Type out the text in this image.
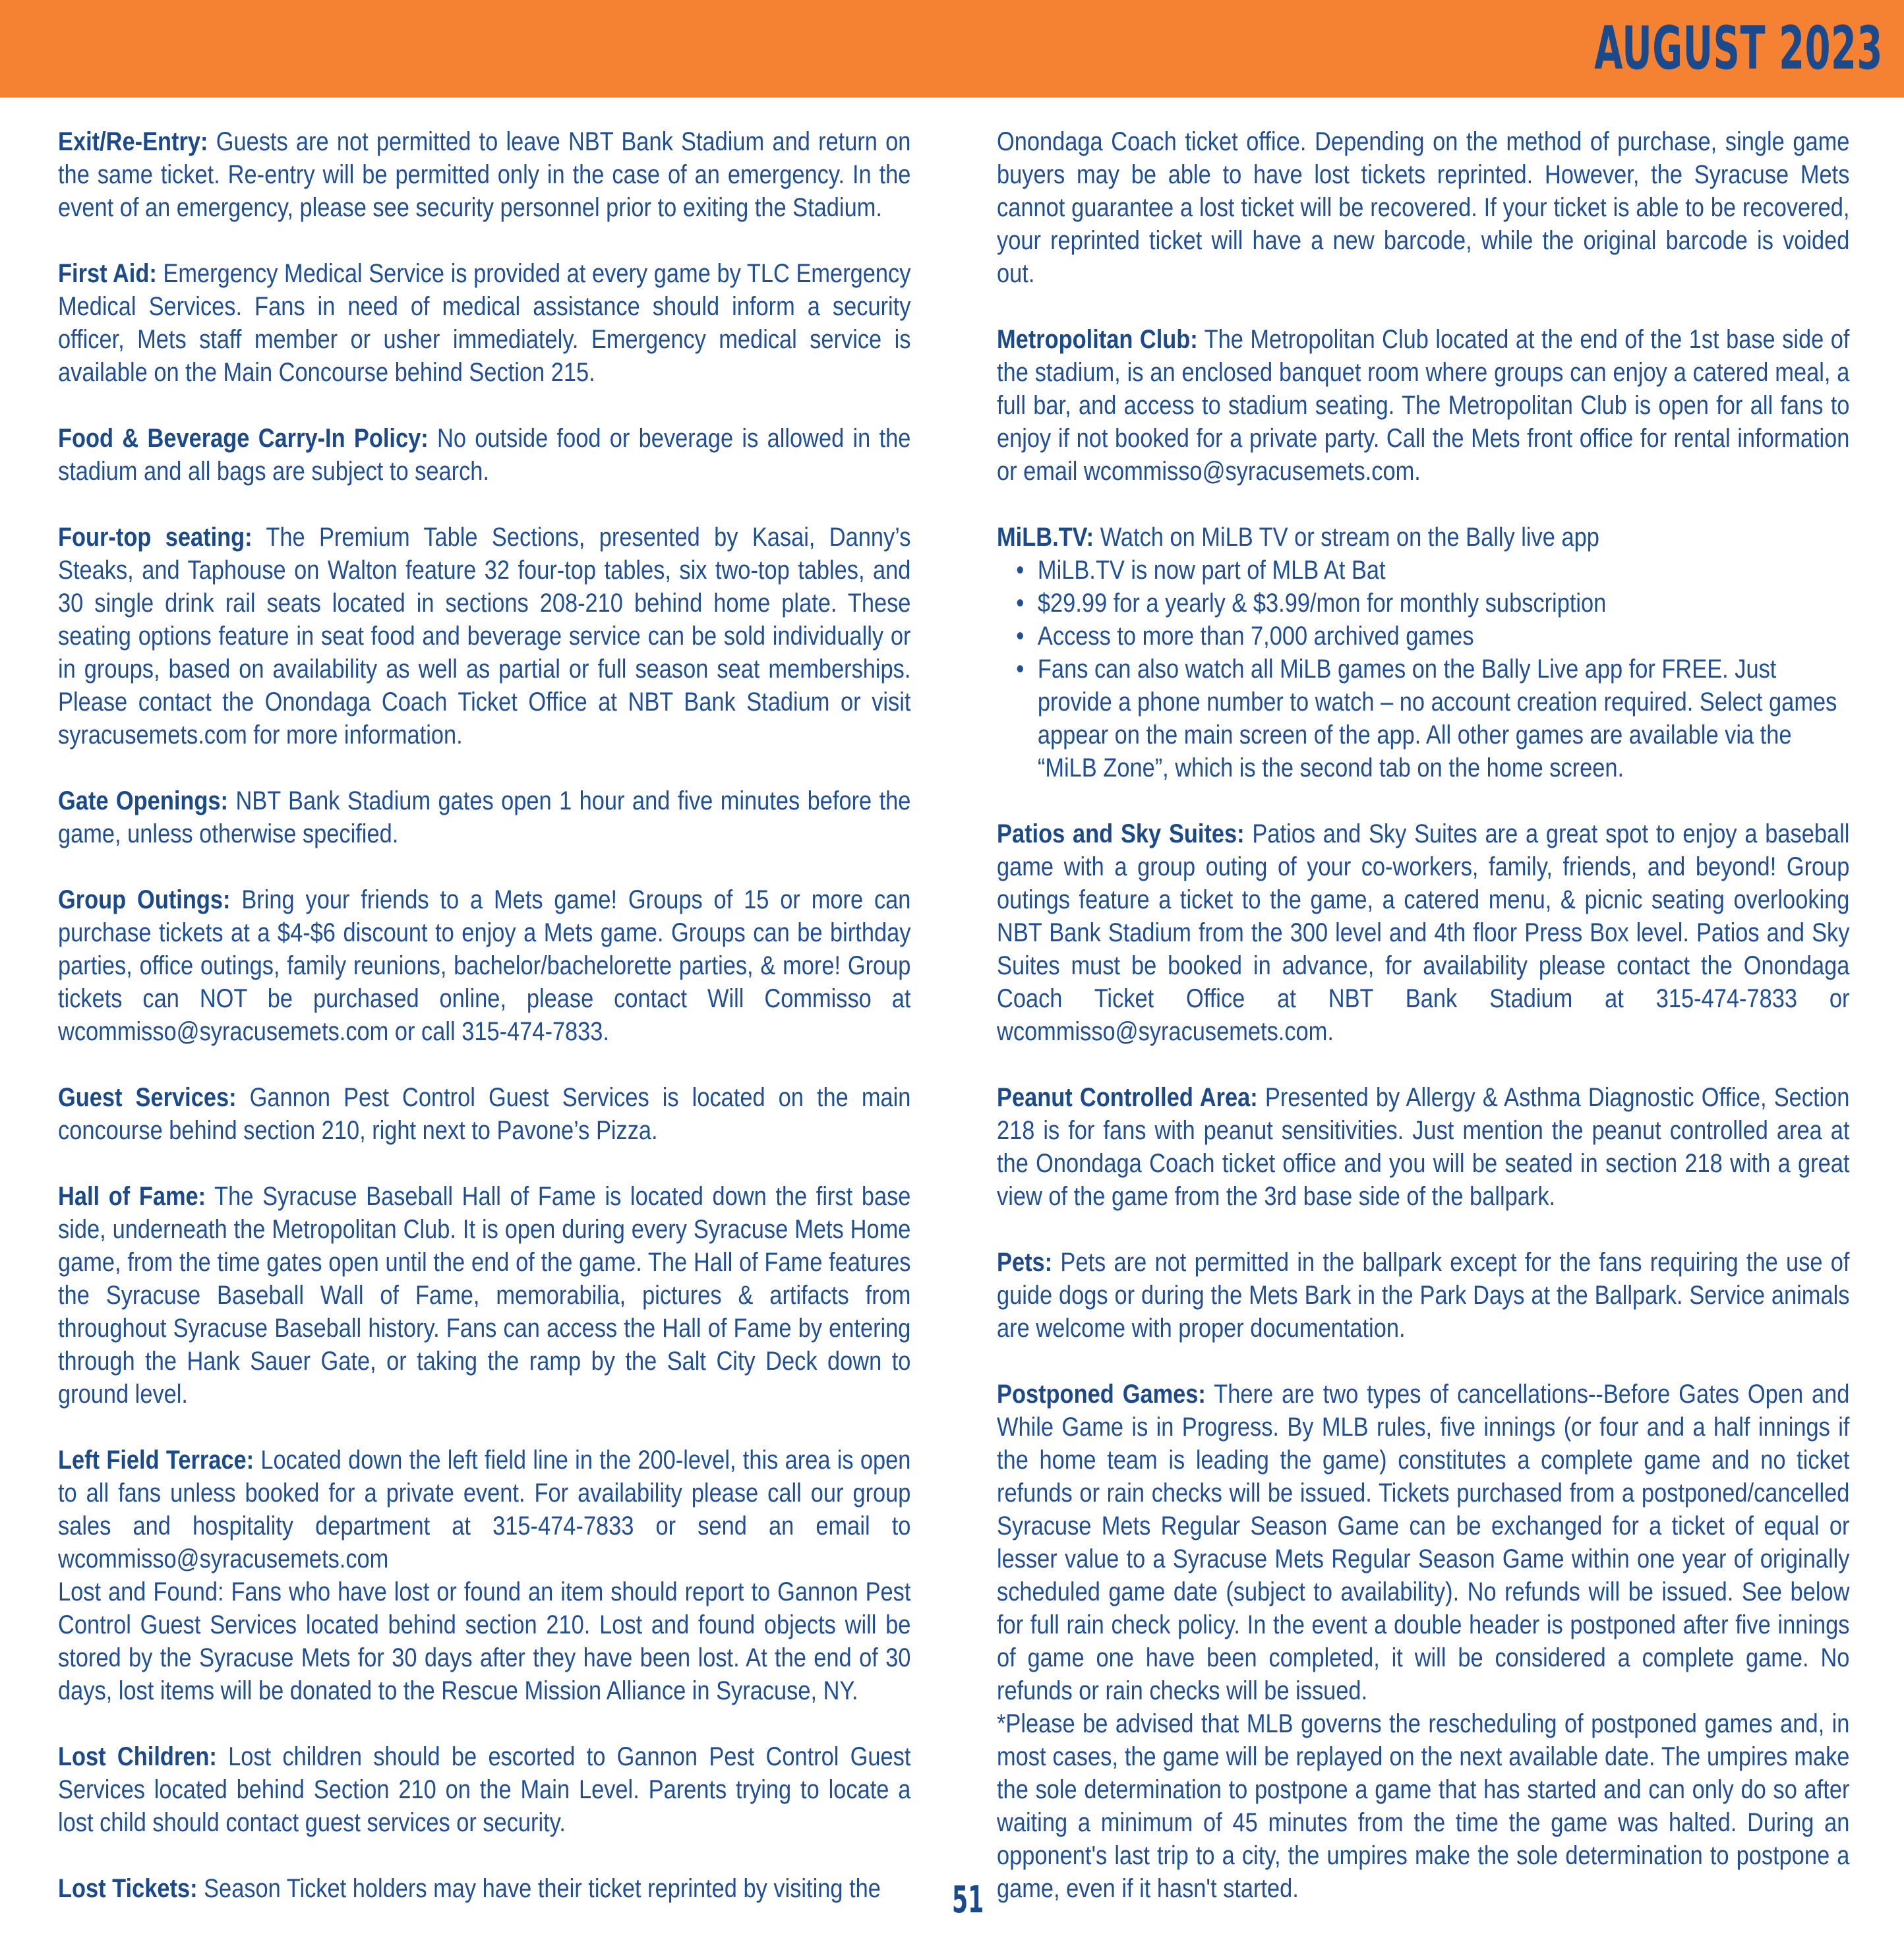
AUGUST 2023

Exit/Re-Entry: Guests are not permitted to leave NBT Bank Stadium and return on the same ticket. Re-entry will be permitted only in the case of an emergency. In the event of an emergency, please see security personnel prior to exiting the Stadium.

First Aid: Emergency Medical Service is provided at every game by TLC Emergency Medical Services. Fans in need of medical assistance should inform a security officer, Mets staff member or usher immediately. Emergency medical service is available on the Main Concourse behind Section 215.

Food & Beverage Carry-In Policy: No outside food or beverage is allowed in the stadium and all bags are subject to search.

Four-top seating: The Premium Table Sections, presented by Kasai, Danny’s Steaks, and Taphouse on Walton feature 32 four-top tables, six two-top tables, and 30 single drink rail seats located in sections 208-210 behind home plate. These seating options feature in seat food and beverage service can be sold individually or in groups, based on availability as well as partial or full season seat memberships. Please contact the Onondaga Coach Ticket Office at NBT Bank Stadium or visit syracusemets.com for more information.

Gate Openings: NBT Bank Stadium gates open 1 hour and five minutes before the game, unless otherwise specified.

Group Outings: Bring your friends to a Mets game! Groups of 15 or more can purchase tickets at a $4-$6 discount to enjoy a Mets game. Groups can be birthday parties, office outings, family reunions, bachelor/bachelorette parties, & more! Group tickets can NOT be purchased online, please contact Will Commisso at wcommisso@syracusemets.com or call 315-474-7833.

Guest Services: Gannon Pest Control Guest Services is located on the main concourse behind section 210, right next to Pavone’s Pizza.

Hall of Fame: The Syracuse Baseball Hall of Fame is located down the first base side, underneath the Metropolitan Club. It is open during every Syracuse Mets Home game, from the time gates open until the end of the game. The Hall of Fame features the Syracuse Baseball Wall of Fame, memorabilia, pictures & artifacts from throughout Syracuse Baseball history. Fans can access the Hall of Fame by entering through the Hank Sauer Gate, or taking the ramp by the Salt City Deck down to ground level.

Left Field Terrace: Located down the left field line in the 200-level, this area is open to all fans unless booked for a private event. For availability please call our group sales and hospitality department at 315-474-7833 or send an email to wcommisso@syracusemets.com

Lost and Found: Fans who have lost or found an item should report to Gannon Pest Control Guest Services located behind section 210. Lost and found objects will be stored by the Syracuse Mets for 30 days after they have been lost. At the end of 30 days, lost items will be donated to the Rescue Mission Alliance in Syracuse, NY.

Lost Children: Lost children should be escorted to Gannon Pest Control Guest Services located behind Section 210 on the Main Level. Parents trying to locate a lost child should contact guest services or security.

Lost Tickets: Season Ticket holders may have their ticket reprinted by visiting the

Onondaga Coach ticket office. Depending on the method of purchase, single game buyers may be able to have lost tickets reprinted. However, the Syracuse Mets cannot guarantee a lost ticket will be recovered. If your ticket is able to be recovered, your reprinted ticket will have a new barcode, while the original barcode is voided out.

Metropolitan Club: The Metropolitan Club located at the end of the 1st base side of the stadium, is an enclosed banquet room where groups can enjoy a catered meal, a full bar, and access to stadium seating. The Metropolitan Club is open for all fans to enjoy if not booked for a private party. Call the Mets front office for rental information or email wcommisso@syracusemets.com.

MiLB.TV: Watch on MiLB TV or stream on the Bally live app

• MiLB.TV is now part of MLB At Bat
• $29.99 for a yearly & $3.99/mon for monthly subscription
• Access to more than 7,000 archived games
• Fans can also watch all MiLB games on the Bally Live app for FREE. Just provide a phone number to watch – no account creation required. Select games appear on the main screen of the app. All other games are available via the “MiLB Zone”, which is the second tab on the home screen.

Patios and Sky Suites: Patios and Sky Suites are a great spot to enjoy a baseball game with a group outing of your co-workers, family, friends, and beyond! Group outings feature a ticket to the game, a catered menu, & picnic seating overlooking NBT Bank Stadium from the 300 level and 4th floor Press Box level. Patios and Sky Suites must be booked in advance, for availability please contact the Onondaga Coach Ticket Office at NBT Bank Stadium at 315-474-7833 or wcommisso@syracusemets.com.

Peanut Controlled Area: Presented by Allergy & Asthma Diagnostic Office, Section 218 is for fans with peanut sensitivities. Just mention the peanut controlled area at the Onondaga Coach ticket office and you will be seated in section 218 with a great view of the game from the 3rd base side of the ballpark.

Pets: Pets are not permitted in the ballpark except for the fans requiring the use of guide dogs or during the Mets Bark in the Park Days at the Ballpark. Service animals are welcome with proper documentation.

Postponed Games: There are two types of cancellations--Before Gates Open and While Game is in Progress. By MLB rules, five innings (or four and a half innings if the home team is leading the game) constitutes a complete game and no ticket refunds or rain checks will be issued. Tickets purchased from a postponed/cancelled Syracuse Mets Regular Season Game can be exchanged for a ticket of equal or lesser value to a Syracuse Mets Regular Season Game within one year of originally scheduled game date (subject to availability). No refunds will be issued. See below for full rain check policy. In the event a double header is postponed after five innings of game one have been completed, it will be considered a complete game. No refunds or rain checks will be issued.

*Please be advised that MLB governs the rescheduling of postponed games and, in most cases, the game will be replayed on the next available date. The umpires make the sole determination to postpone a game that has started and can only do so after waiting a minimum of 45 minutes from the time the game was halted. During an opponent's last trip to a city, the umpires make the sole determination to postpone a game, even if it hasn't started.

51
